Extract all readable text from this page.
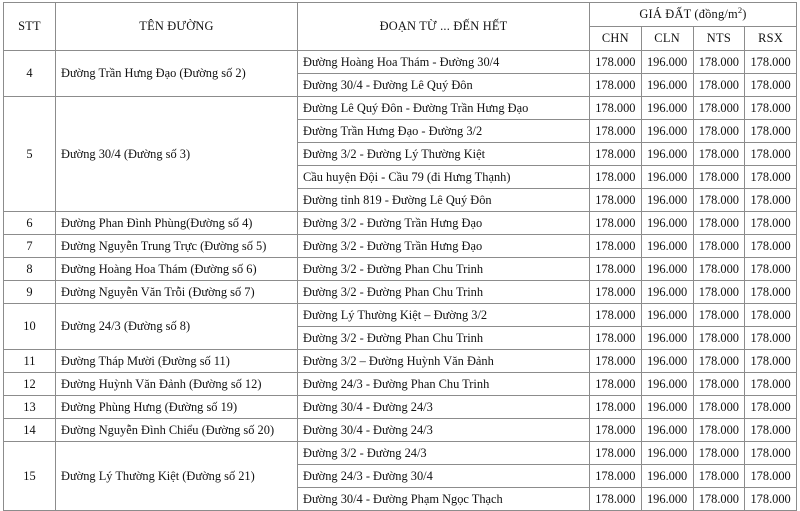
STT	TÊN ĐƯỜNG	ĐOẠN TỪ ... ĐẾN HẾT	GIÁ ĐẤT $(đồng/m^2)$			
			CHN	CLN	NTS	RSX
4	Đường Trần Hưng Đạo (Đường số 2)	Đường Hoàng Hoa Thám - Đường 30/4	178.000	196.000	178.000	178.000
		Đường 30/4 - Đường Lê Quý Đôn	178.000	196.000	178.000	178.000
5	Đường 30/4 (Đường số 3)	Đường Lê Quý Đôn - Đường Trần Hưng Đạo	178.000	196.000	178.000	178.000
		Đường Trần Hưng Đạo - Đường 3/2	178.000	196.000	178.000	178.000
		Đường 3/2 - Đường Lý Thường Kiệt	178.000	196.000	178.000	178.000
		Cầu huyện Đội - Cầu 79 (đi Hưng Thạnh)	178.000	196.000	178.000	178.000
		Đường tỉnh 819 - Đường Lê Quý Đôn	178.000	196.000	178.000	178.000
6	Đường Phan Đình Phùng(Đường số 4)	Đường 3/2 - Đường Trần Hưng Đạo	178.000	196.000	178.000	178.000
7	Đường Nguyễn Trung Trực (Đường số 5)	Đường 3/2 - Đường Trần Hưng Đạo	178.000	196.000	178.000	178.000
8	Đường Hoàng Hoa Thám (Đường số 6)	Đường 3/2 - Đường Phan Chu Trinh	178.000	196.000	178.000	178.000
9	Đường Nguyễn Văn Trỗi (Đường số 7)	Đường 3/2 - Đường Phan Chu Trinh	178.000	196.000	178.000	178.000
10	Đường 24/3 (Đường số 8)	Đường Lý Thường Kiệt – Đường 3/2	178.000	196.000	178.000	178.000
		Đường 3/2 - Đường Phan Chu Trinh	178.000	196.000	178.000	178.000
11	Đường Tháp Mười (Đường số 11)	Đường 3/2 – Đường Huỳnh Văn Đảnh	178.000	196.000	178.000	178.000
12	Đường Huỳnh Văn Đảnh (Đường số 12)	Đường 24/3 - Đường Phan Chu Trinh	178.000	196.000	178.000	178.000
13	Đường Phùng Hưng (Đường số 19)	Đường 30/4 - Đường 24/3	178.000	196.000	178.000	178.000
14	Đường Nguyễn Đình Chiểu (Đường số 20)	Đường 30/4 - Đường 24/3	178.000	196.000	178.000	178.000
15	Đường Lý Thường Kiệt (Đường số 21)	Đường 3/2 - Đường 24/3	178.000	196.000	178.000	178.000
		Đường 24/3 - Đường 30/4	178.000	196.000	178.000	178.000
		Đường 30/4 - Đường Phạm Ngọc Thạch	178.000	196.000	178.000	178.000
